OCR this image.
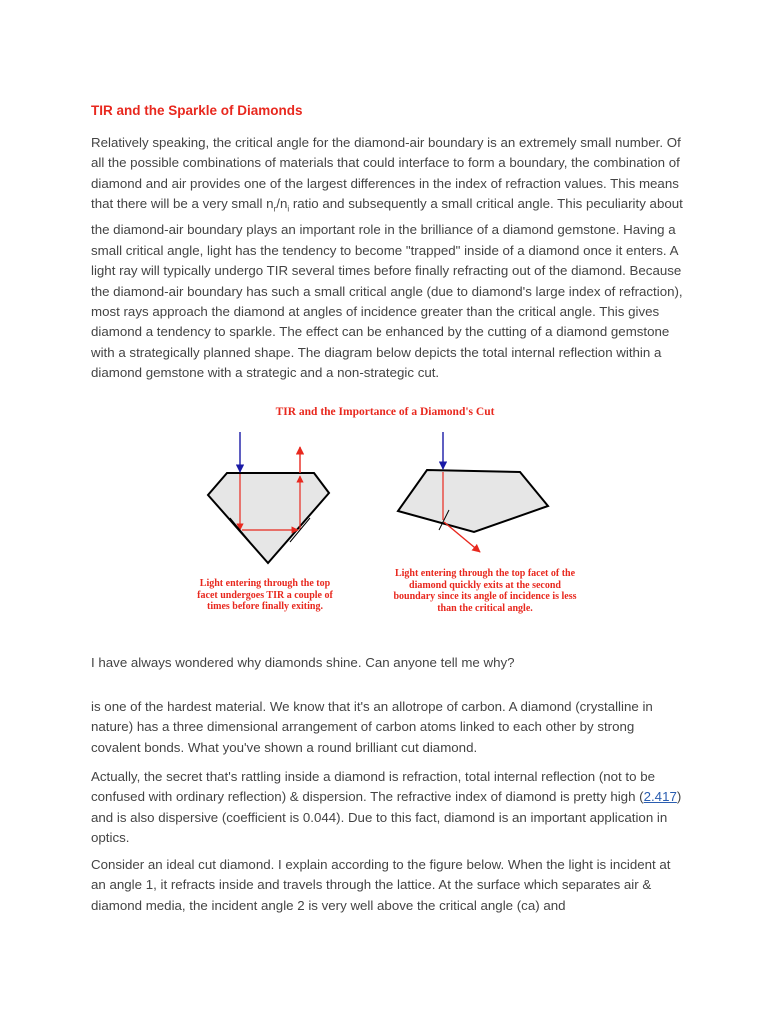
TIR and the Sparkle of Diamonds

Relatively speaking, the critical angle for the diamond-air boundary is an extremely small number. Of all the possible combinations of materials that could interface to form a boundary, the combination of diamond and air provides one of the largest differences in the index of refraction values. This means that there will be a very small $n_r/n_i$ ratio and subsequently a small critical angle. This peculiarity about the diamond-air boundary plays an important role in the brilliance of a diamond gemstone. Having a small critical angle, light has the tendency to become "trapped" inside of a diamond once it enters. A light ray will typically undergo TIR several times before finally refracting out of the diamond. Because the diamond-air boundary has such a small critical angle (due to diamond's large index of refraction), most rays approach the diamond at angles of incidence greater than the critical angle. This gives diamond a tendency to sparkle. The effect can be enhanced by the cutting of a diamond gemstone with a strategically planned shape. The diagram below depicts the total internal reflection within a diamond gemstone with a strategic and a non-strategic cut.

TIR and the Importance of a Diamond's Cut
Light entering through the top facet undergoes TIR a couple of times before finally exiting.
Light entering through the top facet of the diamond quickly exits at the second boundary since its angle of incidence is less than the critical angle.

I have always wondered why diamonds shine. Can anyone tell me why?

is one of the hardest material. We know that it's an allotrope of carbon. A diamond (crystalline in nature) has a three dimensional arrangement of carbon atoms linked to each other by strong covalent bonds. What you've shown a round brilliant cut diamond.

Actually, the secret that's rattling inside a diamond is refraction, total internal reflection (not to be confused with ordinary reflection) & dispersion. The refractive index of diamond is pretty high (2.417) and is also dispersive (coefficient is 0.044). Due to this fact, diamond is an important application in optics.

Consider an ideal cut diamond. I explain according to the figure below. When the light is incident at an angle 1, it refracts inside and travels through the lattice. At the surface which separates air & diamond media, the incident angle 2 is very well above the critical angle (ca) and
